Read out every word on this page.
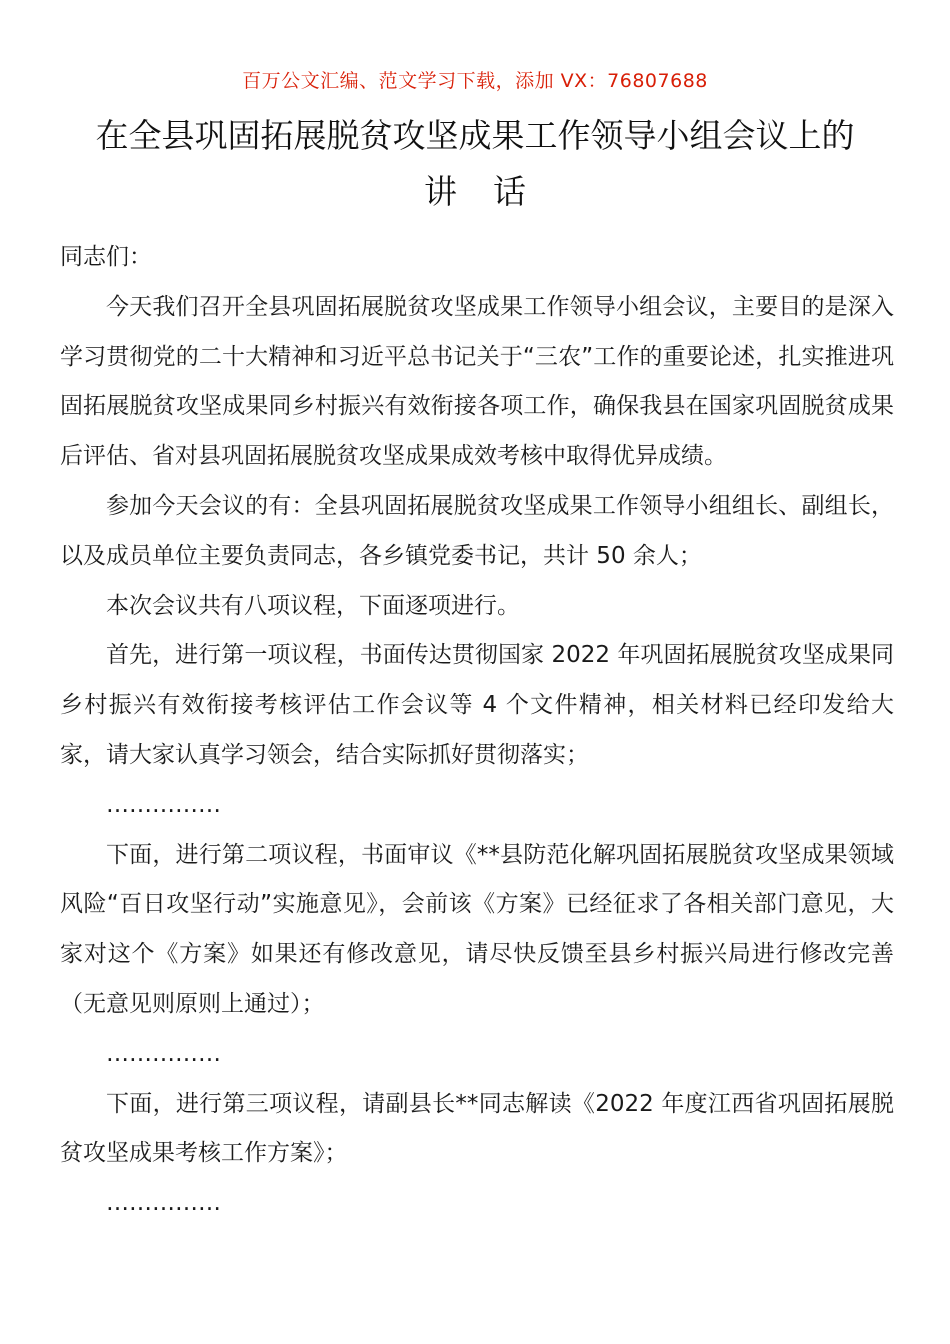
百万公文汇编、范文学习下载，添加 VX：76807688
在全县巩固拓展脱贫攻坚成果工作领导小组会议上的
讲话

同志们：

今天我们召开全县巩固拓展脱贫攻坚成果工作领导小组会议，主要目的是深入学习贯彻党的二十大精神和习近平总书记关于“三农”工作的重要论述，扎实推进巩固拓展脱贫攻坚成果同乡村振兴有效衔接各项工作，确保我县在国家巩固脱贫成果后评估、省对县巩固拓展脱贫攻坚成果成效考核中取得优异成绩。

参加今天会议的有：全县巩固拓展脱贫攻坚成果工作领导小组组长、副组长，以及成员单位主要负责同志，各乡镇党委书记，共计 50 余人；

本次会议共有八项议程，下面逐项进行。

首先，进行第一项议程，书面传达贯彻国家 2022 年巩固拓展脱贫攻坚成果同乡村振兴有效衔接考核评估工作会议等 4 个文件精神，相关材料已经印发给大家，请大家认真学习领会，结合实际抓好贯彻落实；

……………

下面，进行第二项议程，书面审议《**县防范化解巩固拓展脱贫攻坚成果领域风险“百日攻坚行动”实施意见》，会前该《方案》已经征求了各相关部门意见，大家对这个《方案》如果还有修改意见，请尽快反馈至县乡村振兴局进行修改完善（无意见则原则上通过）；

……………

下面，进行第三项议程，请副县长**同志解读《2022 年度江西省巩固拓展脱贫攻坚成果考核工作方案》；

……………
